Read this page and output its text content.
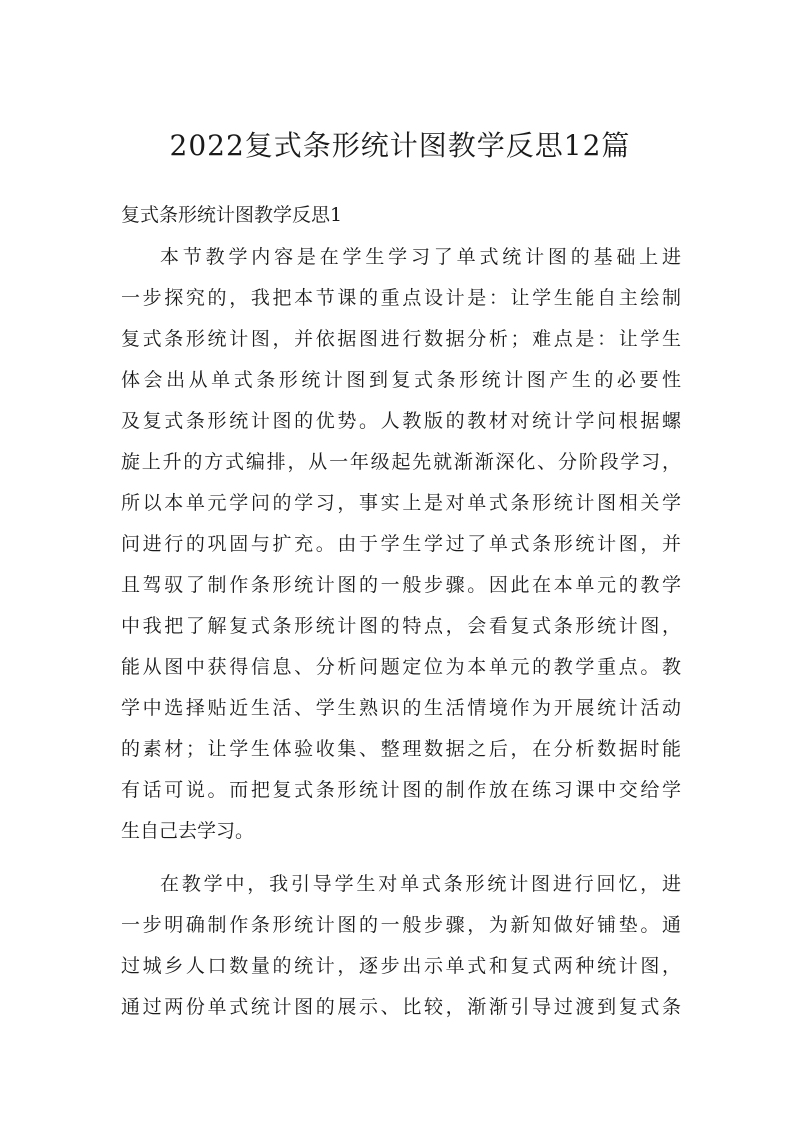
2022复式条形统计图教学反思12篇
复式条形统计图教学反思1
本节教学内容是在学生学习了单式统计图的基础上进
一步探究的，我把本节课的重点设计是：让学生能自主绘制
复式条形统计图，并依据图进行数据分析；难点是：让学生
体会出从单式条形统计图到复式条形统计图产生的必要性
及复式条形统计图的优势。人教版的教材对统计学问根据螺
旋上升的方式编排，从一年级起先就渐渐深化、分阶段学习，
所以本单元学问的学习，事实上是对单式条形统计图相关学
问进行的巩固与扩充。由于学生学过了单式条形统计图，并
且驾驭了制作条形统计图的一般步骤。因此在本单元的教学
中我把了解复式条形统计图的特点，会看复式条形统计图，
能从图中获得信息、分析问题定位为本单元的教学重点。教
学中选择贴近生活、学生熟识的生活情境作为开展统计活动
的素材；让学生体验收集、整理数据之后，在分析数据时能
有话可说。而把复式条形统计图的制作放在练习课中交给学
生自己去学习。
在教学中，我引导学生对单式条形统计图进行回忆，进
一步明确制作条形统计图的一般步骤，为新知做好铺垫。通
过城乡人口数量的统计，逐步出示单式和复式两种统计图，
通过两份单式统计图的展示、比较，渐渐引导过渡到复式条
